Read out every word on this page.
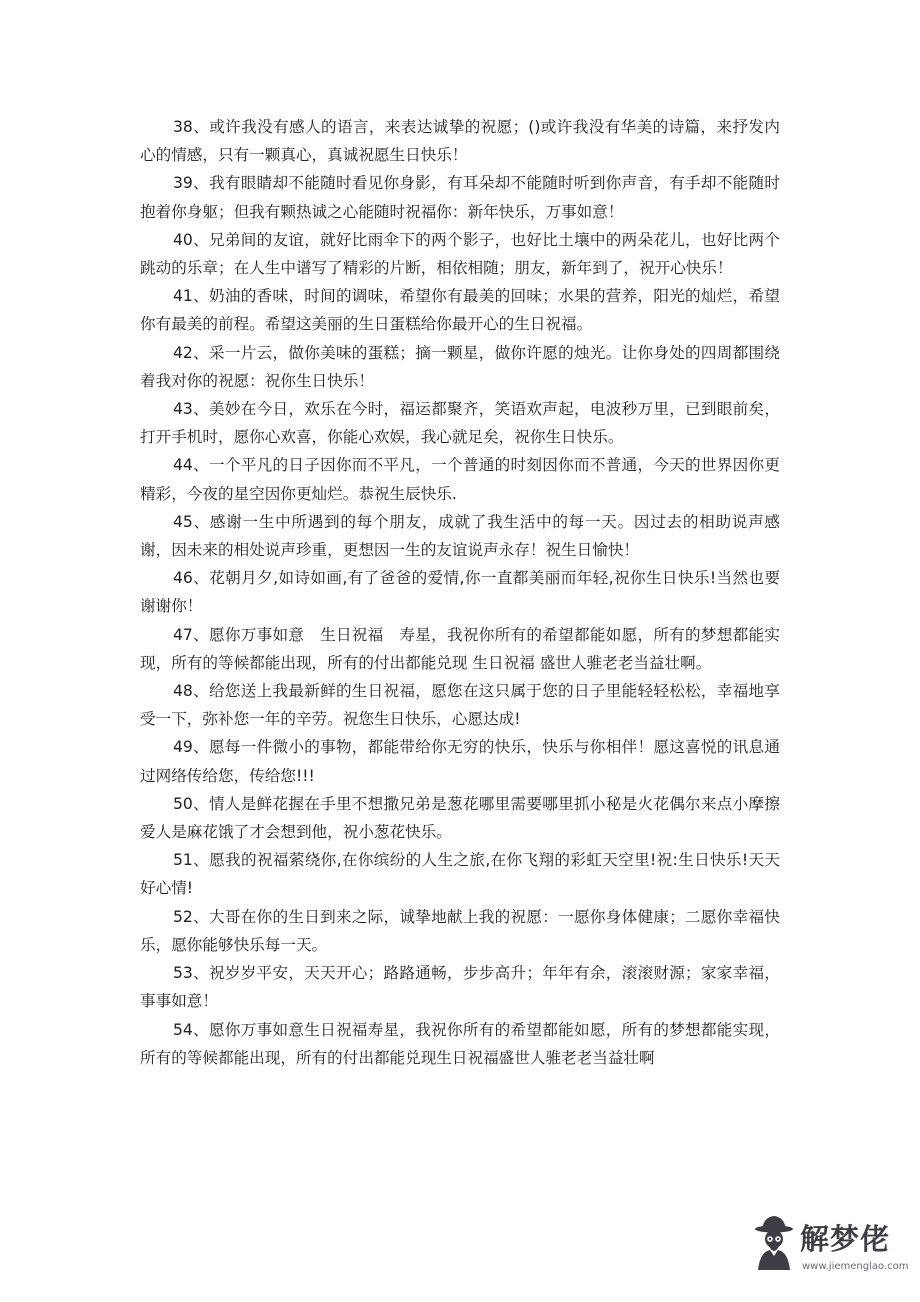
38、或许我没有感人的语言，来表达诚挚的祝愿；()或许我没有华美的诗篇，来抒发内心的情感，只有一颗真心，真诚祝愿生日快乐！

39、我有眼睛却不能随时看见你身影，有耳朵却不能随时听到你声音，有手却不能随时抱着你身躯；但我有颗热诚之心能随时祝福你：新年快乐，万事如意！

40、兄弟间的友谊，就好比雨伞下的两个影子，也好比土壤中的两朵花儿，也好比两个跳动的乐章；在人生中谱写了精彩的片断，相依相随；朋友，新年到了，祝开心快乐！

41、奶油的香味，时间的调味，希望你有最美的回味；水果的营养，阳光的灿烂，希望你有最美的前程。希望这美丽的生日蛋糕给你最开心的生日祝福。

42、采一片云，做你美味的蛋糕；摘一颗星，做你许愿的烛光。让你身处的四周都围绕着我对你的祝愿：祝你生日快乐！

43、美妙在今日，欢乐在今时，福运都聚齐，笑语欢声起，电波秒万里，已到眼前矣，打开手机时，愿你心欢喜，你能心欢娱，我心就足矣，祝你生日快乐。

44、一个平凡的日子因你而不平凡，一个普通的时刻因你而不普通，今天的世界因你更精彩，今夜的星空因你更灿烂。恭祝生辰快乐.

45、感谢一生中所遇到的每个朋友，成就了我生活中的每一天。因过去的相助说声感谢，因未来的相处说声珍重，更想因一生的友谊说声永存！祝生日愉快！

46、花朝月夕,如诗如画,有了爸爸的爱情,你一直都美丽而年轻,祝你生日快乐!当然也要谢谢你！

47、愿你万事如意　生日祝福　寿星，我祝你所有的希望都能如愿，所有的梦想都能实现，所有的等候都能出现，所有的付出都能兑现 生日祝福 盛世人骓老老当益壮啊。

48、给您送上我最新鲜的生日祝福，愿您在这只属于您的日子里能轻轻松松，幸福地享受一下，弥补您一年的辛劳。祝您生日快乐，心愿达成!

49、愿每一件微小的事物，都能带给你无穷的快乐，快乐与你相伴！愿这喜悦的讯息通过网络传给您，传给您!!!

50、情人是鲜花握在手里不想撒兄弟是葱花哪里需要哪里抓小秘是火花偶尔来点小摩擦爱人是麻花饿了才会想到他，祝小葱花快乐。

51、愿我的祝福萦绕你,在你缤纷的人生之旅,在你飞翔的彩虹天空里!祝:生日快乐!天天好心情!

52、大哥在你的生日到来之际，诚挚地献上我的祝愿：一愿你身体健康；二愿你幸福快乐，愿你能够快乐每一天。

53、祝岁岁平安，天天开心；路路通畅，步步高升；年年有余，滚滚财源；家家幸福，事事如意！

54、愿你万事如意生日祝福寿星，我祝你所有的希望都能如愿，所有的梦想都能实现，所有的等候都能出现，所有的付出都能兑现生日祝福盛世人骓老老当益壮啊

解梦佬
www.jiemenglao.com
